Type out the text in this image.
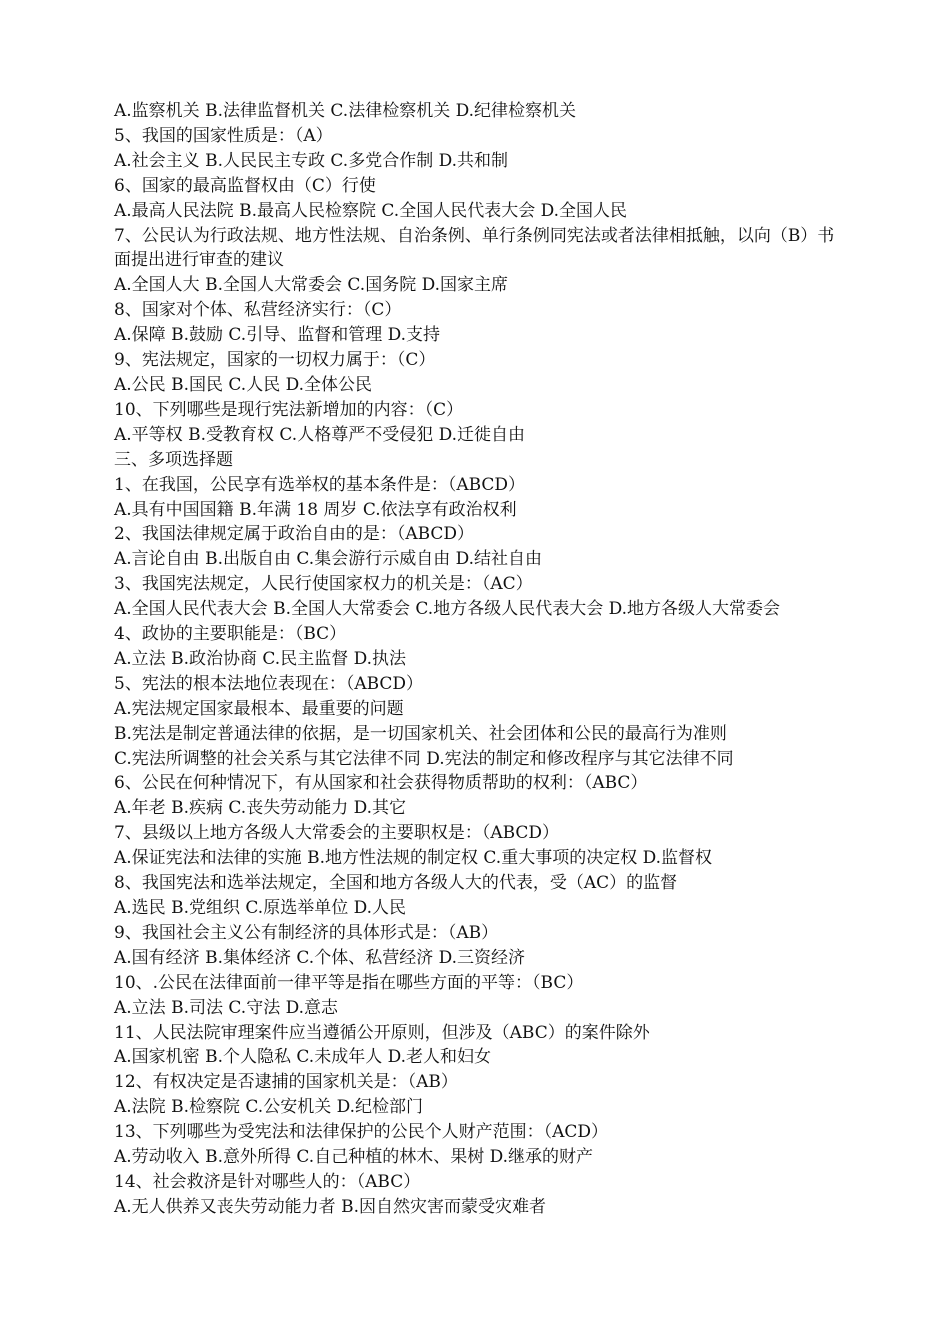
A.监察机关 B.法律监督机关 C.法律检察机关 D.纪律检察机关
5、我国的国家性质是：（A）
A.社会主义 B.人民民主专政 C.多党合作制 D.共和制
6、国家的最高监督权由（C）行使
A.最高人民法院 B.最高人民检察院 C.全国人民代表大会 D.全国人民
7、公民认为行政法规、地方性法规、自治条例、单行条例同宪法或者法律相抵触，以向（B）书面提出进行审查的建议
A.全国人大 B.全国人大常委会 C.国务院 D.国家主席
8、国家对个体、私营经济实行：（C）
A.保障 B.鼓励 C.引导、监督和管理 D.支持
9、宪法规定，国家的一切权力属于：（C）
A.公民 B.国民 C.人民 D.全体公民
10、下列哪些是现行宪法新增加的内容：（C）
A.平等权 B.受教育权 C.人格尊严不受侵犯 D.迁徙自由
三、多项选择题
1、在我国，公民享有选举权的基本条件是：（ABCD）
A.具有中国国籍 B.年满 18 周岁 C.依法享有政治权利
2、我国法律规定属于政治自由的是：（ABCD）
A.言论自由 B.出版自由 C.集会游行示威自由 D.结社自由
3、我国宪法规定，人民行使国家权力的机关是：（AC）
A.全国人民代表大会 B.全国人大常委会 C.地方各级人民代表大会 D.地方各级人大常委会
4、政协的主要职能是：（BC）
A.立法 B.政治协商 C.民主监督 D.执法
5、宪法的根本法地位表现在：（ABCD）
A.宪法规定国家最根本、最重要的问题
B.宪法是制定普通法律的依据，是一切国家机关、社会团体和公民的最高行为准则
C.宪法所调整的社会关系与其它法律不同 D.宪法的制定和修改程序与其它法律不同
6、公民在何种情况下，有从国家和社会获得物质帮助的权利：（ABC）
A.年老 B.疾病 C.丧失劳动能力 D.其它
7、县级以上地方各级人大常委会的主要职权是：（ABCD）
A.保证宪法和法律的实施 B.地方性法规的制定权 C.重大事项的决定权 D.监督权
8、我国宪法和选举法规定，全国和地方各级人大的代表，受（AC）的监督
A.选民 B.党组织 C.原选举单位 D.人民
9、我国社会主义公有制经济的具体形式是：（AB）
A.国有经济 B.集体经济 C.个体、私营经济 D.三资经济
10、.公民在法律面前一律平等是指在哪些方面的平等：（BC）
A.立法 B.司法 C.守法 D.意志
11、人民法院审理案件应当遵循公开原则，但涉及（ABC）的案件除外
A.国家机密 B.个人隐私 C.未成年人 D.老人和妇女
12、有权决定是否逮捕的国家机关是：（AB）
A.法院 B.检察院 C.公安机关 D.纪检部门
13、下列哪些为受宪法和法律保护的公民个人财产范围：（ACD）
A.劳动收入 B.意外所得 C.自己种植的林木、果树 D.继承的财产
14、社会救济是针对哪些人的：（ABC）
A.无人供养又丧失劳动能力者 B.因自然灾害而蒙受灾难者
